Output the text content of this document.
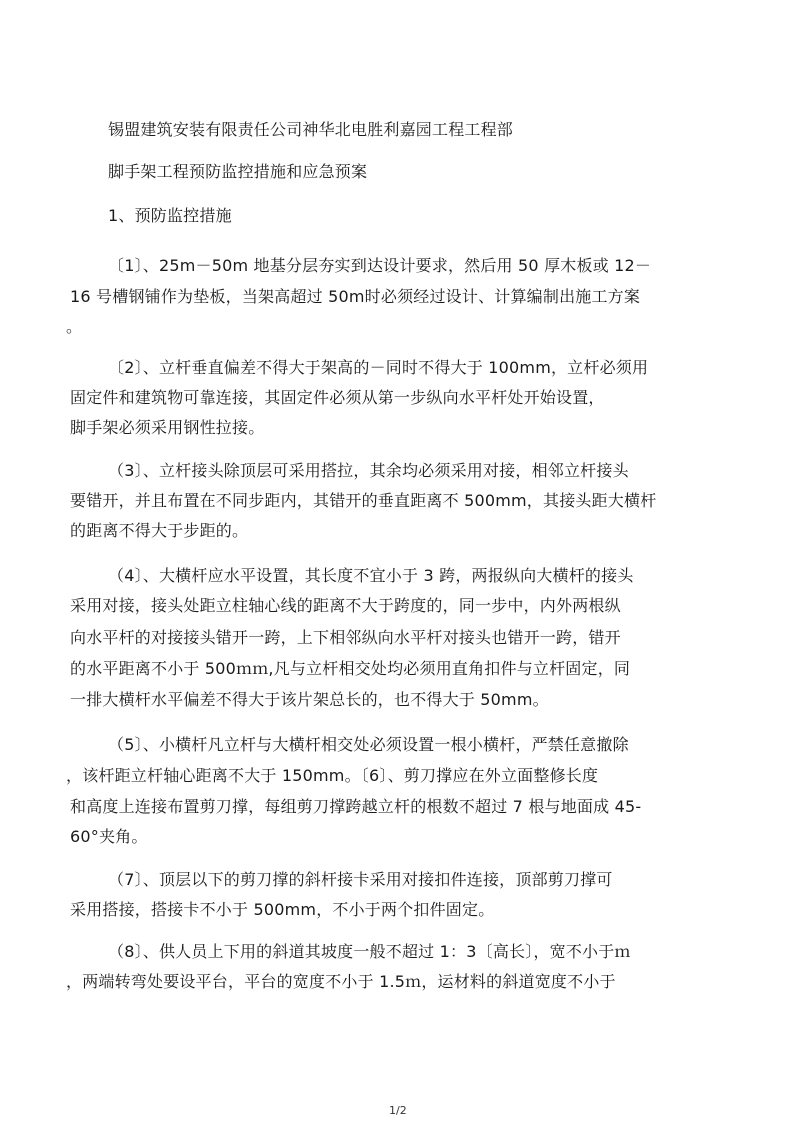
锡盟建筑安装有限责任公司神华北电胜利嘉园工程工程部
脚手架工程预防监控措施和应急预案
1、预防监控措施
〔1〕、25m－50m 地基分层夯实到达设计要求，然后用 50 厚木板或 12－
16 号槽钢铺作为垫板，当架高超过 50m时必须经过设计、计算编制出施工方案
。
〔2〕、立杆垂直偏差不得大于架高的－同时不得大于 100mm，立杆必须用
固定件和建筑物可靠连接，其固定件必须从第一步纵向水平杆处开始设置，
脚手架必须采用钢性拉接。
（3〕、立杆接头除顶层可采用搭拉，其余均必须采用对接，相邻立杆接头
要错开，并且布置在不同步距内，其错开的垂直距离不 500mm，其接头距大横杆
的距离不得大于步距的。
（4〕、大横杆应水平设置，其长度不宜小于 3 跨，两报纵向大横杆的接头
采用对接，接头处距立柱轴心线的距离不大于跨度的，同一步中，内外两根纵
向水平杆的对接接头错开一跨，上下相邻纵向水平杆对接头也错开一跨，错开
的水平距离不小于 500ｍｍ,凡与立杆相交处均必须用直角扣件与立杆固定，同
一排大横杆水平偏差不得大于该片架总长的，也不得大于 50mm。
（5〕、小横杆凡立杆与大横杆相交处必须设置一根小横杆，严禁任意撤除
，该杆距立杆轴心距离不大于 150mm。〔6〕、剪刀撑应在外立面整修长度
和高度上连接布置剪刀撑，每组剪刀撑跨越立杆的根数不超过 7 根与地面成 45-
60°夹角。
（7〕、顶层以下的剪刀撑的斜杆接卡采用对接扣件连接，顶部剪刀撑可
采用搭接，搭接卡不小于 500mm，不小于两个扣件固定。
（8〕、供人员上下用的斜道其坡度一般不超过 1：3〔高长〕，宽不小于ｍ
，两端转弯处要设平台，平台的宽度不小于 1.5ｍ，运材料的斜道宽度不小于
1/2
